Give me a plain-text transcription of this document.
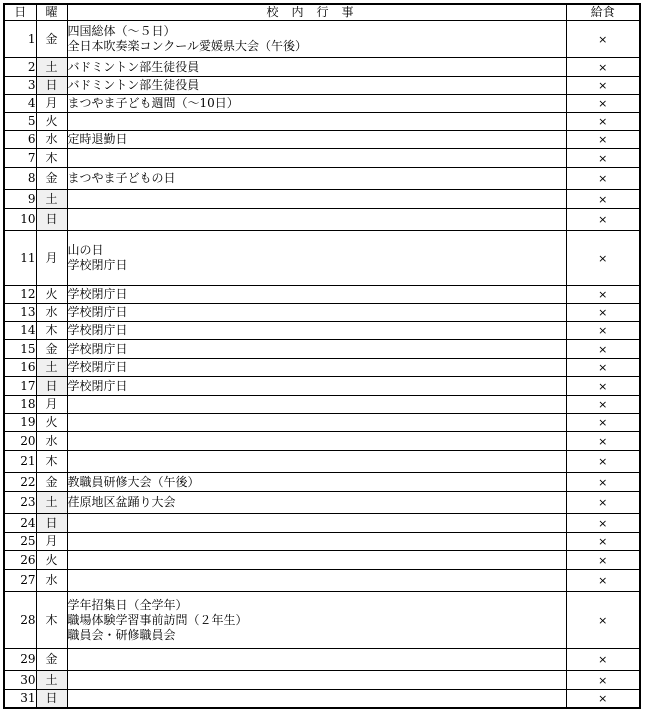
日	曜	校内行事	給食
1	金	四国総体（～５日）
全日本吹奏楽コンクール愛媛県大会（午後）	×
2	土	バドミントン部生徒役員	×
3	日	バドミントン部生徒役員	×
4	月	まつやま子ども週間（～10日）	×
5	火		×
6	水	定時退勤日	×
7	木		×
8	金	まつやま子どもの日	×
9	土		×
10	日		×
11	月	山の日
学校閉庁日	×
12	火	学校閉庁日	×
13	水	学校閉庁日	×
14	木	学校閉庁日	×
15	金	学校閉庁日	×
16	土	学校閉庁日	×
17	日	学校閉庁日	×
18	月		×
19	火		×
20	水		×
21	木		×
22	金	教職員研修大会（午後）	×
23	土	荏原地区盆踊り大会	×
24	日		×
25	月		×
26	火		×
27	水		×
28	木	学年招集日（全学年）
職場体験学習事前訪問（２年生）
職員会・研修職員会	×
29	金		×
30	土		×
31	日		×
